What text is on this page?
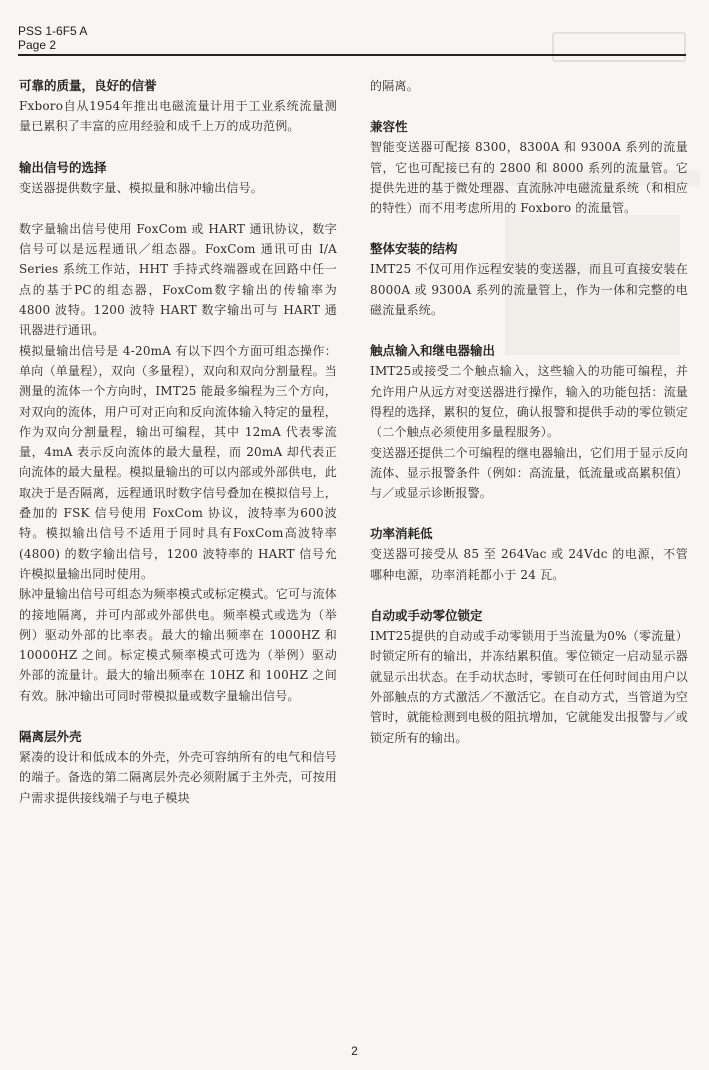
PSS 1-6F5 A
Page 2

可靠的质量，良好的信誉

Fxboro自从1954年推出电磁流量计用于工业系统流量测量已累积了丰富的应用经验和成千上万的成功范例。

输出信号的选择

变送器提供数字量、模拟量和脉冲输出信号。

数字量输出信号使用 FoxCom 或 HART 通讯协议，数字信号可以是远程通讯／组态器。FoxCom 通讯可由 I/A Series 系统工作站，HHT 手持式终端器或在回路中任一点的基于PC的组态器，FoxCom数字输出的传输率为 4800 波特。1200 波特 HART 数字输出可与 HART 通讯器进行通讯。

模拟量输出信号是 4-20mA 有以下四个方面可组态操作：单向（单量程），双向（多量程），双向和双向分割量程。当测量的流体一个方向时，IMT25 能最多编程为三个方向，对双向的流体，用户可对正向和反向流体输入特定的量程，作为双向分割量程，输出可编程，其中 12mA 代表零流量，4mA 表示反向流体的最大量程，而 20mA 却代表正向流体的最大量程。模拟量输出的可以内部或外部供电，此取决于是否隔离，远程通讯时数字信号叠加在模拟信号上，叠加的 FSK 信号使用 FoxCom 协议，波特率为600波特。模拟输出信号不适用于同时具有FoxCom高波特率 (4800) 的数字输出信号，1200 波特率的 HART 信号允许模拟量输出同时使用。

脉冲量输出信号可组态为频率模式或标定模式。它可与流体的接地隔离，并可内部或外部供电。频率模式或选为（举例）驱动外部的比率表。最大的输出频率在 1000HZ 和 10000HZ 之间。标定模式频率模式可选为（举例）驱动外部的流量计。最大的输出频率在 10HZ 和 100HZ 之间有效。脉冲输出可同时带模拟量或数字量输出信号。

隔离层外壳

紧凑的设计和低成本的外壳，外壳可容纳所有的电气和信号的端子。备选的第二隔离层外壳必须附属于主外壳，可按用户需求提供接线端子与电子模块

的隔离。

兼容性

智能变送器可配接 8300，8300A 和 9300A 系列的流量管，它也可配接已有的 2800 和 8000 系列的流量管。它提供先进的基于微处理器、直流脉冲电磁流量系统（和相应的特性）而不用考虑所用的 Foxboro 的流量管。

整体安装的结构

IMT25 不仅可用作远程安装的变送器，而且可直接安装在 8000A 或 9300A 系列的流量管上，作为一体和完整的电磁流量系统。

触点输入和继电器输出

IMT25或接受二个触点输入，这些输入的功能可编程，并允许用户从远方对变送器进行操作，输入的功能包括：流量得程的选择，累积的复位，确认报警和提供手动的零位锁定（二个触点必须使用多量程服务）。

变送器还提供二个可编程的继电器输出，它们用于显示反向流体、显示报警条件（例如：高流量，低流量或高累积值）与／或显示诊断报警。

功率消耗低

变送器可接受从 85 至 264Vac 或 24Vdc 的电源，不管哪种电源，功率消耗都小于 24 瓦。

自动或手动零位锁定

IMT25提供的自动或手动零锁用于当流量为0%（零流量）时锁定所有的输出，并冻结累积值。零位锁定一启动显示器就显示出状态。在手动状态时，零锁可在任何时间由用户以外部触点的方式激活／不激活它。在自动方式，当管道为空管时，就能检测到电极的阻抗增加，它就能发出报警与／或锁定所有的输出。

2
